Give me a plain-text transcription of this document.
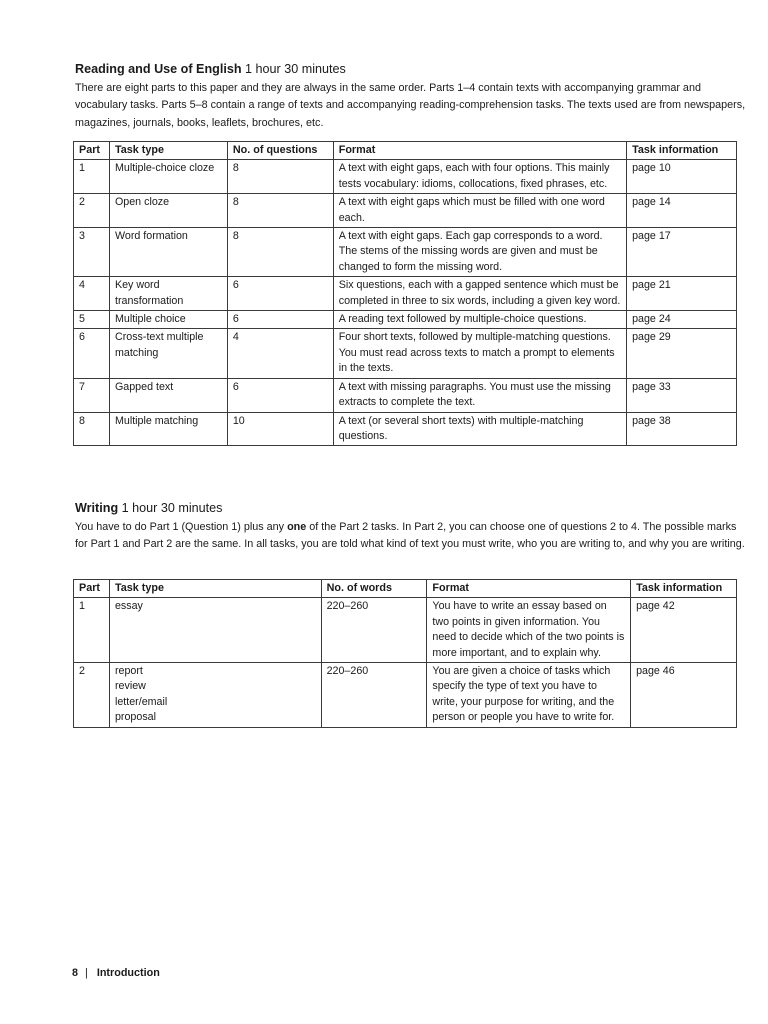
Reading and Use of English 1 hour 30 minutes

There are eight parts to this paper and they are always in the same order. Parts 1–4 contain texts with accompanying grammar and vocabulary tasks. Parts 5–8 contain a range of texts and accompanying reading-comprehension tasks. The texts used are from newspapers, magazines, journals, books, leaflets, brochures, etc.

Part	Task type	No. of questions	Format	Task information
1	Multiple-choice cloze	8	A text with eight gaps, each with four options. This mainly tests vocabulary: idioms, collocations, fixed phrases, etc.	page 10
2	Open cloze	8	A text with eight gaps which must be filled with one word each.	page 14
3	Word formation	8	A text with eight gaps. Each gap corresponds to a word. The stems of the missing words are given and must be changed to form the missing word.	page 17
4	Key word transformation	6	Six questions, each with a gapped sentence which must be completed in three to six words, including a given key word.	page 21
5	Multiple choice	6	A reading text followed by multiple-choice questions.	page 24
6	Cross-text multiple matching	4	Four short texts, followed by multiple-matching questions. You must read across texts to match a prompt to elements in the texts.	page 29
7	Gapped text	6	A text with missing paragraphs. You must use the missing extracts to complete the text.	page 33
8	Multiple matching	10	A text (or several short texts) with multiple-matching questions.	page 38
Writing 1 hour 30 minutes

You have to do Part 1 (Question 1) plus any one of the Part 2 tasks. In Part 2, you can choose one of questions 2 to 4. The possible marks for Part 1 and Part 2 are the same. In all tasks, you are told what kind of text you must write, who you are writing to, and why you are writing.

Part	Task type	No. of words	Format	Task information
1	essay	220–260	You have to write an essay based on two points in given information. You need to decide which of the two points is more important, and to explain why.	page 42
2	report
review
letter/email
proposal	220–260	You are given a choice of tasks which specify the type of text you have to write, your purpose for writing, and the person or people you have to write for.	page 46
8 | Introduction
